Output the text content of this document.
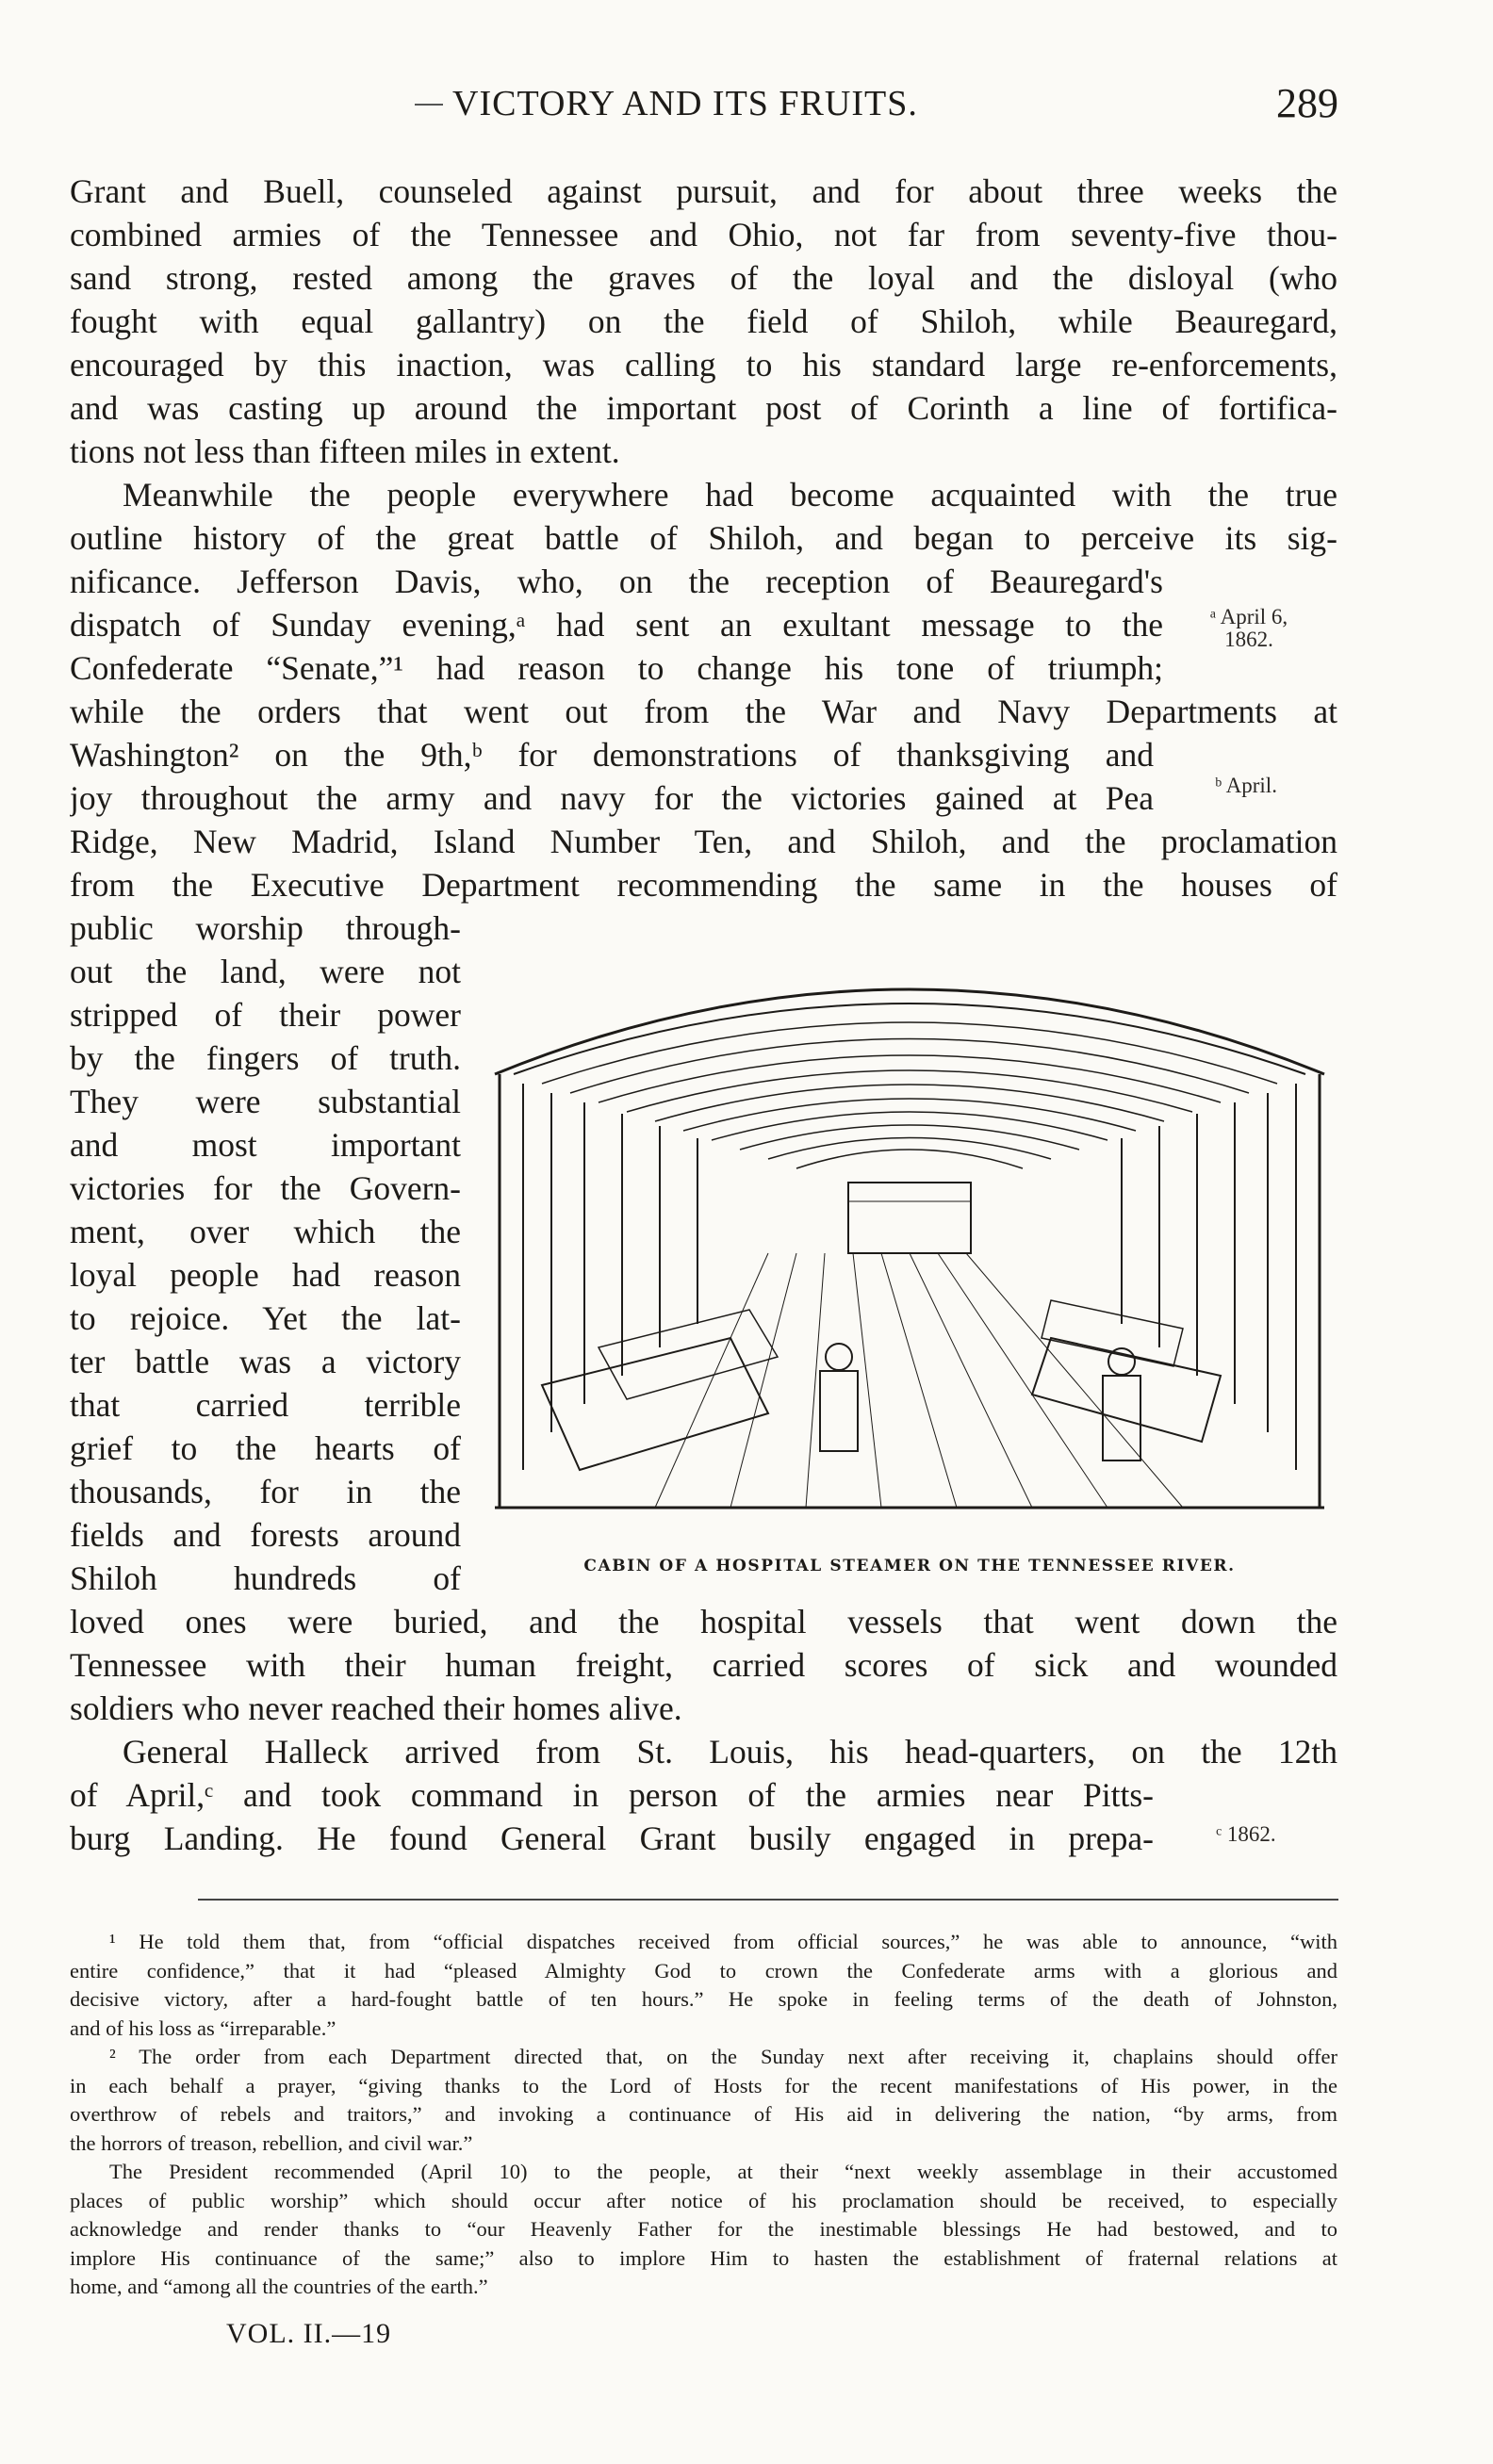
VICTORY AND ITS FRUITS.	289
Grant and Buell, counseled against pursuit, and for about three weeks the
combined armies of the Tennessee and Ohio, not far from seventy-five thou-
sand strong, rested among the graves of the loyal and the disloyal (who
fought with equal gallantry) on the field of Shiloh, while Beauregard,
encouraged by this inaction, was calling to his standard large re-enforcements,
and was casting up around the important post of Corinth a line of fortifica-
tions not less than fifteen miles in extent.
Meanwhile the people everywhere had become acquainted with the true
outline history of the great battle of Shiloh, and began to perceive its sig-
nificance. Jefferson Davis, who, on the reception of Beauregard's
dispatch of Sunday evening,ᵃ had sent an exultant message to the
Confederate “Senate,”¹ had reason to change his tone of triumph;
while the orders that went out from the War and Navy Departments at
Washington² on the 9th,ᵇ for demonstrations of thanksgiving and
joy throughout the army and navy for the victories gained at Pea
Ridge, New Madrid, Island Number Ten, and Shiloh, and the proclamation
from the Executive Department recommending the same in the houses of
ᵃ April 6,
1862.
ᵇ April.
ᶜ 1862.
public worship through-
out the land, were not
stripped of their power
by the fingers of truth.
They were substantial
and most important
victories for the Govern-
ment, over which the
loyal people had reason
to rejoice. Yet the lat-
ter battle was a victory
that carried terrible
grief to the hearts of
thousands, for in the
fields and forests around
Shiloh hundreds of	CABIN OF A HOSPITAL STEAMER ON THE TENNESSEE RIVER.
loved ones were buried, and the hospital vessels that went down the
Tennessee with their human freight, carried scores of sick and wounded
soldiers who never reached their homes alive.
General Halleck arrived from St. Louis, his head-quarters, on the 12th
of April,ᶜ and took command in person of the armies near Pitts-
burg Landing. He found General Grant busily engaged in prepa-
¹ He told them that, from “official dispatches received from official sources,” he was able to announce, “with
entire confidence,” that it had “pleased Almighty God to crown the Confederate arms with a glorious and
decisive victory, after a hard-fought battle of ten hours.” He spoke in feeling terms of the death of Johnston,
and of his loss as “irreparable.”
² The order from each Department directed that, on the Sunday next after receiving it, chaplains should offer
in each behalf a prayer, “giving thanks to the Lord of Hosts for the recent manifestations of His power, in the
overthrow of rebels and traitors,” and invoking a continuance of His aid in delivering the nation, “by arms, from
the horrors of treason, rebellion, and civil war.”
The President recommended (April 10) to the people, at their “next weekly assemblage in their accustomed
places of public worship” which should occur after notice of his proclamation should be received, to especially
acknowledge and render thanks to “our Heavenly Father for the inestimable blessings He had bestowed, and to
implore His continuance of the same;” also to implore Him to hasten the establishment of fraternal relations at
home, and “among all the countries of the earth.”
VOL. II.—19
